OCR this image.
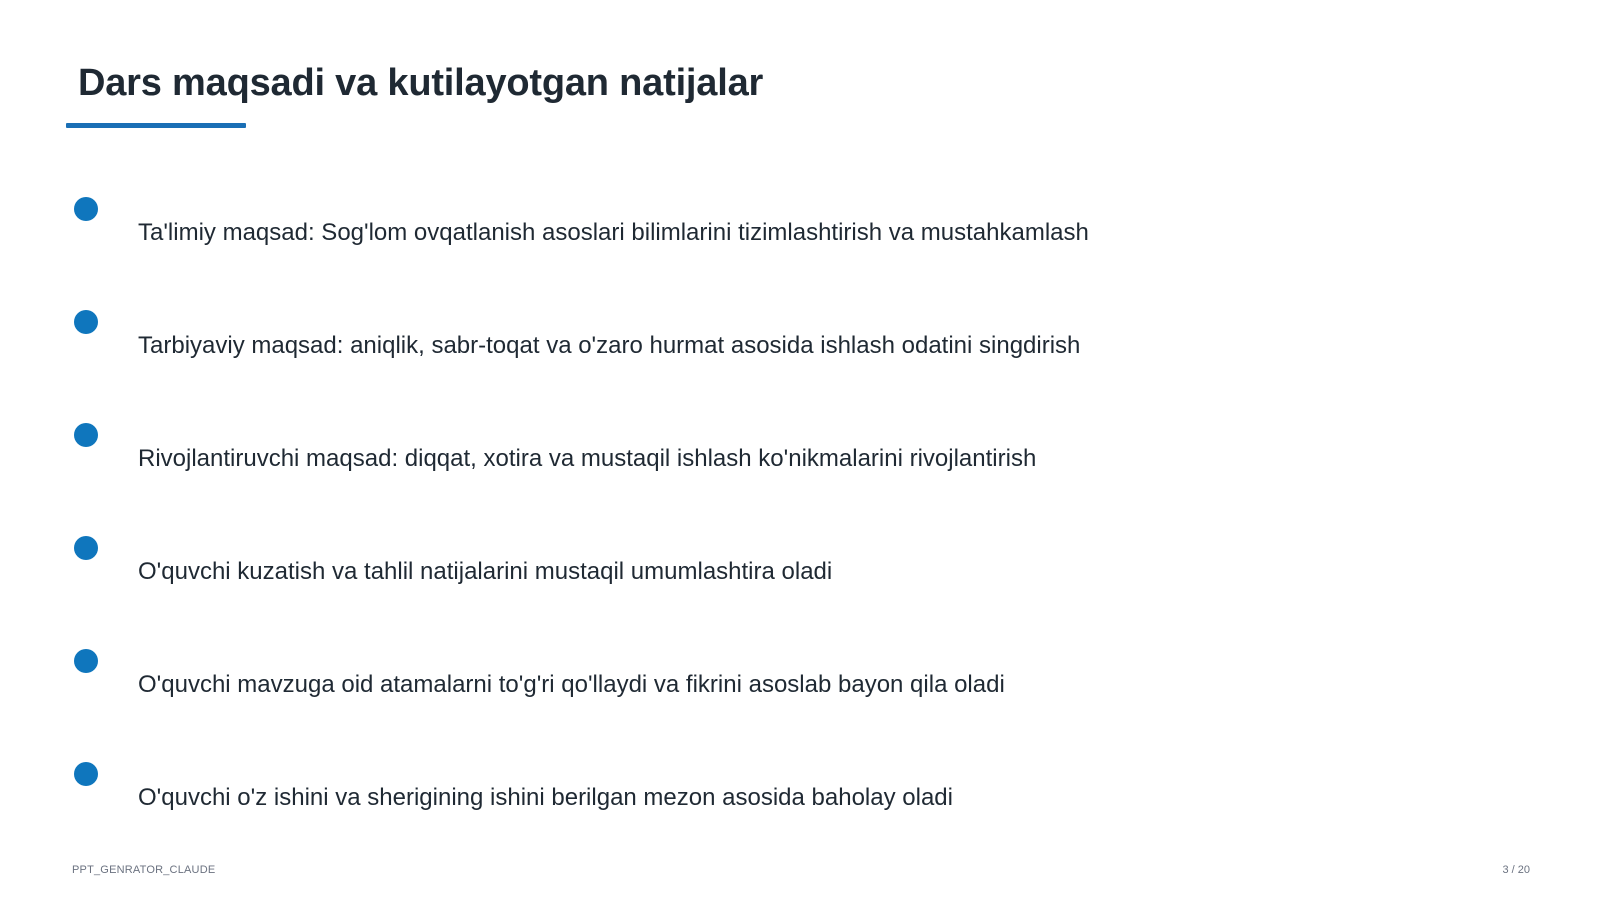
Dars maqsadi va kutilayotgan natijalar
Ta'limiy maqsad: Sog'lom ovqatlanish asoslari bilimlarini tizimlashtirish va mustahkamlash
Tarbiyaviy maqsad: aniqlik, sabr-toqat va o'zaro hurmat asosida ishlash odatini singdirish
Rivojlantiruvchi maqsad: diqqat, xotira va mustaqil ishlash ko'nikmalarini rivojlantirish
O'quvchi kuzatish va tahlil natijalarini mustaqil umumlashtira oladi
O'quvchi mavzuga oid atamalarni to'g'ri qo'llaydi va fikrini asoslab bayon qila oladi
O'quvchi o'z ishini va sherigining ishini berilgan mezon asosida baholay oladi
PPT_GENRATOR_CLAUDE	3 / 20
